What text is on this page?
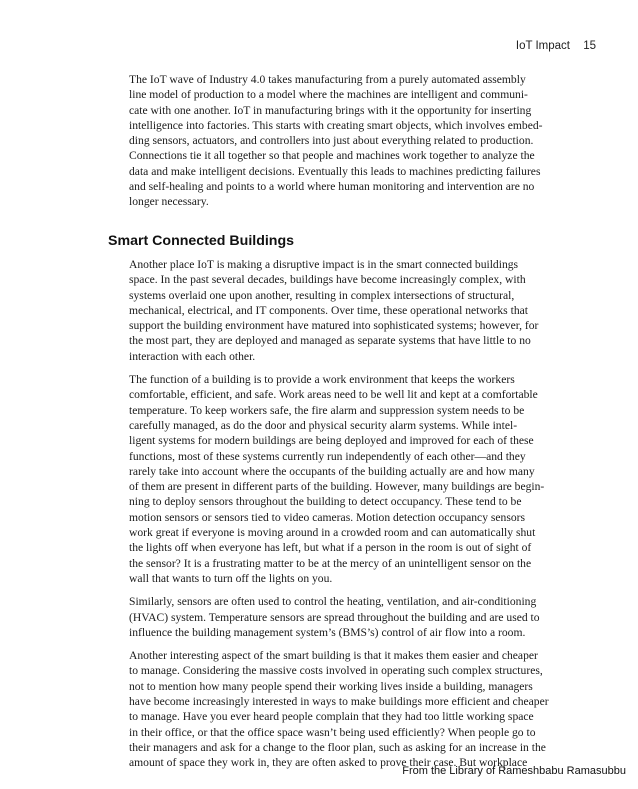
IoT Impact 15

The IoT wave of Industry 4.0 takes manufacturing from a purely automated assembly
line model of production to a model where the machines are intelligent and communi-
cate with one another. IoT in manufacturing brings with it the opportunity for inserting
intelligence into factories. This starts with creating smart objects, which involves embed-
ding sensors, actuators, and controllers into just about everything related to production.
Connections tie it all together so that people and machines work together to analyze the
data and make intelligent decisions. Eventually this leads to machines predicting failures
and self-healing and points to a world where human monitoring and intervention are no
longer necessary.

Smart Connected Buildings

Another place IoT is making a disruptive impact is in the smart connected buildings
space. In the past several decades, buildings have become increasingly complex, with
systems overlaid one upon another, resulting in complex intersections of structural,
mechanical, electrical, and IT components. Over time, these operational networks that
support the building environment have matured into sophisticated systems; however, for
the most part, they are deployed and managed as separate systems that have little to no
interaction with each other.

The function of a building is to provide a work environment that keeps the workers
comfortable, efficient, and safe. Work areas need to be well lit and kept at a comfortable
temperature. To keep workers safe, the fire alarm and suppression system needs to be
carefully managed, as do the door and physical security alarm systems. While intel-
ligent systems for modern buildings are being deployed and improved for each of these
functions, most of these systems currently run independently of each other—and they
rarely take into account where the occupants of the building actually are and how many
of them are present in different parts of the building. However, many buildings are begin-
ning to deploy sensors throughout the building to detect occupancy. These tend to be
motion sensors or sensors tied to video cameras. Motion detection occupancy sensors
work great if everyone is moving around in a crowded room and can automatically shut
the lights off when everyone has left, but what if a person in the room is out of sight of
the sensor? It is a frustrating matter to be at the mercy of an unintelligent sensor on the
wall that wants to turn off the lights on you.

Similarly, sensors are often used to control the heating, ventilation, and air-conditioning
(HVAC) system. Temperature sensors are spread throughout the building and are used to
influence the building management system’s (BMS’s) control of air flow into a room.

Another interesting aspect of the smart building is that it makes them easier and cheaper
to manage. Considering the massive costs involved in operating such complex structures,
not to mention how many people spend their working lives inside a building, managers
have become increasingly interested in ways to make buildings more efficient and cheaper
to manage. Have you ever heard people complain that they had too little working space
in their office, or that the office space wasn’t being used efficiently? When people go to
their managers and ask for a change to the floor plan, such as asking for an increase in the
amount of space they work in, they are often asked to prove their case. But workplace

From the Library of Rameshbabu Ramasubbu
